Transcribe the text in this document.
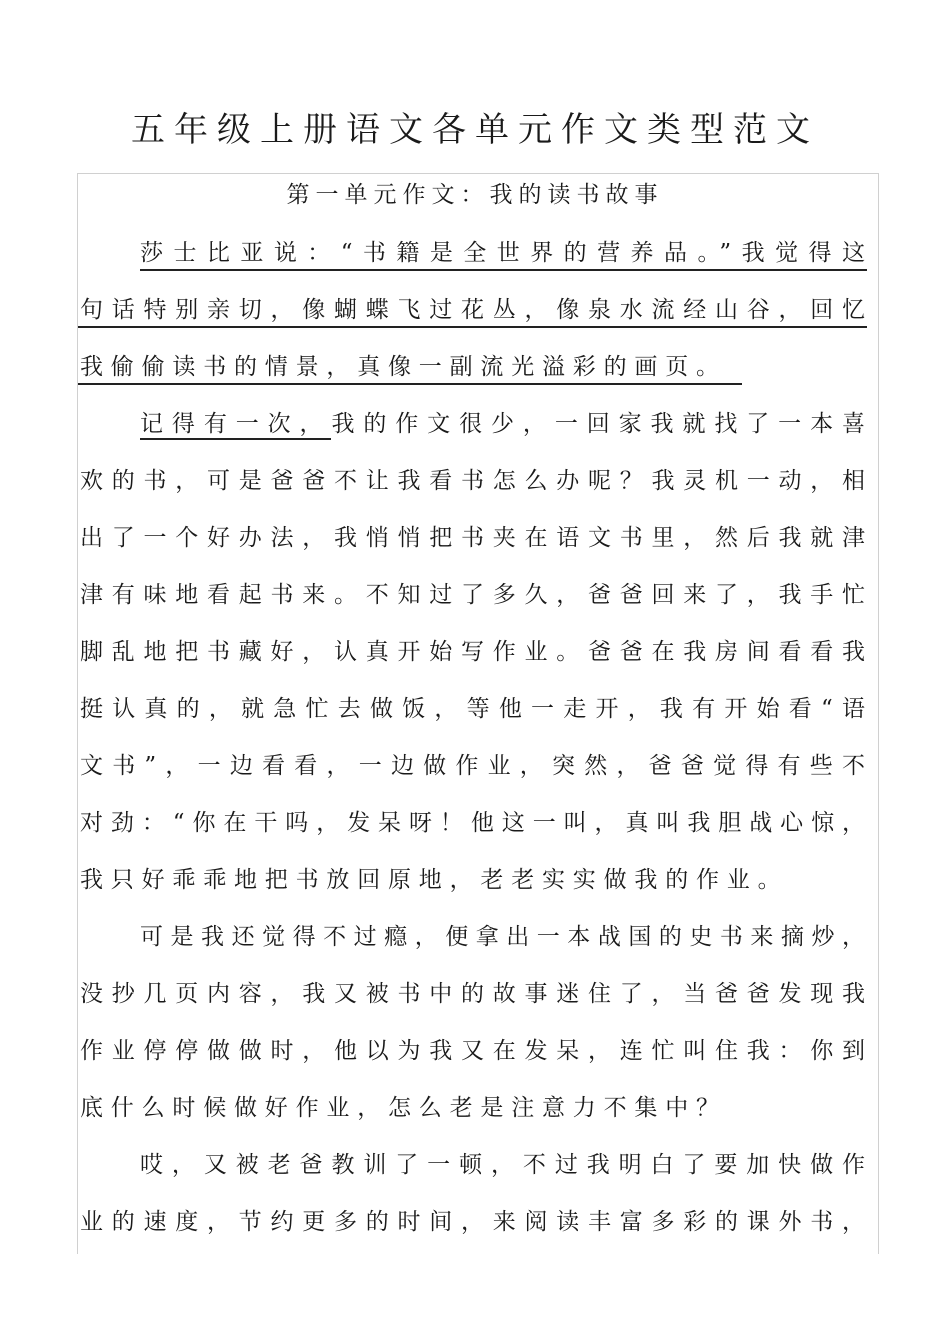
五年级上册语文各单元作文类型范文
第一单元作文：我的读书故事
莎士比亚说：“书籍是全世界的营养品。”我觉得这
句话特别亲切，像蝴蝶飞过花丛，像泉水流经山谷，回忆
我偷偷读书的情景，真像一副流光溢彩的画页。
记得有一次，我的作文很少，一回家我就找了一本喜
欢的书，可是爸爸不让我看书怎么办呢？我灵机一动，相
出了一个好办法，我悄悄把书夹在语文书里，然后我就津
津有味地看起书来。不知过了多久，爸爸回来了，我手忙
脚乱地把书藏好，认真开始写作业。爸爸在我房间看看我
挺认真的，就急忙去做饭，等他一走开，我有开始看“语
文书”，一边看看，一边做作业，突然，爸爸觉得有些不
对劲：“你在干吗，发呆呀！他这一叫，真叫我胆战心惊，
我只好乖乖地把书放回原地，老老实实做我的作业。
可是我还觉得不过瘾，便拿出一本战国的史书来摘炒，
没抄几页内容，我又被书中的故事迷住了，当爸爸发现我
作业停停做做时，他以为我又在发呆，连忙叫住我：你到
底什么时候做好作业，怎么老是注意力不集中？
哎，又被老爸教训了一顿，不过我明白了要加快做作
业的速度，节约更多的时间，来阅读丰富多彩的课外书，
